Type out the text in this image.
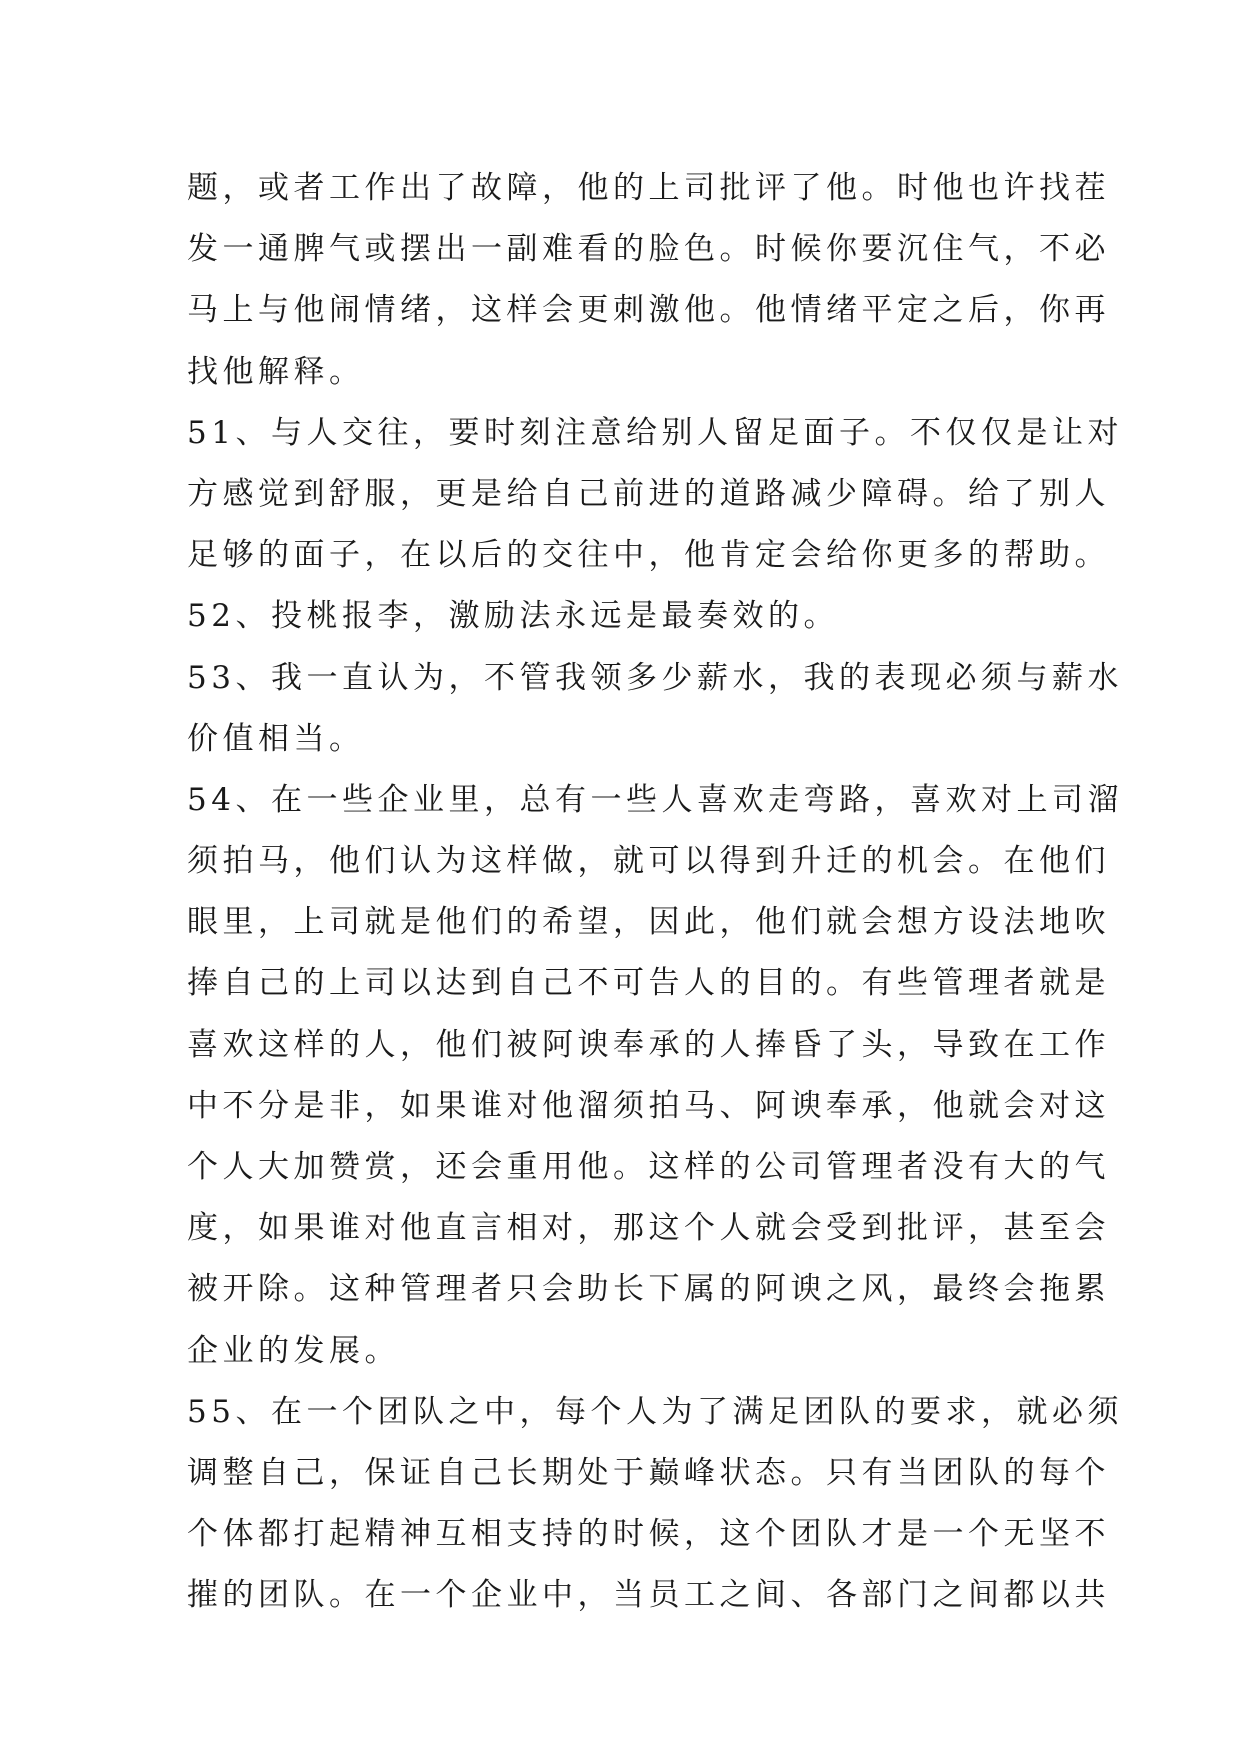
题，或者工作出了故障，他的上司批评了他。时他也许找茬
发一通脾气或摆出一副难看的脸色。时候你要沉住气，不必
马上与他闹情绪，这样会更刺激他。他情绪平定之后，你再
找他解释。
51、与人交往，要时刻注意给别人留足面子。不仅仅是让对
方感觉到舒服，更是给自己前进的道路减少障碍。给了别人
足够的面子，在以后的交往中，他肯定会给你更多的帮助。
52、投桃报李，激励法永远是最奏效的。
53、我一直认为，不管我领多少薪水，我的表现必须与薪水
价值相当。
54、在一些企业里，总有一些人喜欢走弯路，喜欢对上司溜
须拍马，他们认为这样做，就可以得到升迁的机会。在他们
眼里，上司就是他们的希望，因此，他们就会想方设法地吹
捧自己的上司以达到自己不可告人的目的。有些管理者就是
喜欢这样的人，他们被阿谀奉承的人捧昏了头，导致在工作
中不分是非，如果谁对他溜须拍马、阿谀奉承，他就会对这
个人大加赞赏，还会重用他。这样的公司管理者没有大的气
度，如果谁对他直言相对，那这个人就会受到批评，甚至会
被开除。这种管理者只会助长下属的阿谀之风，最终会拖累
企业的发展。
55、在一个团队之中，每个人为了满足团队的要求，就必须
调整自己，保证自己长期处于巅峰状态。只有当团队的每个
个体都打起精神互相支持的时候，这个团队才是一个无坚不
摧的团队。在一个企业中，当员工之间、各部门之间都以共
